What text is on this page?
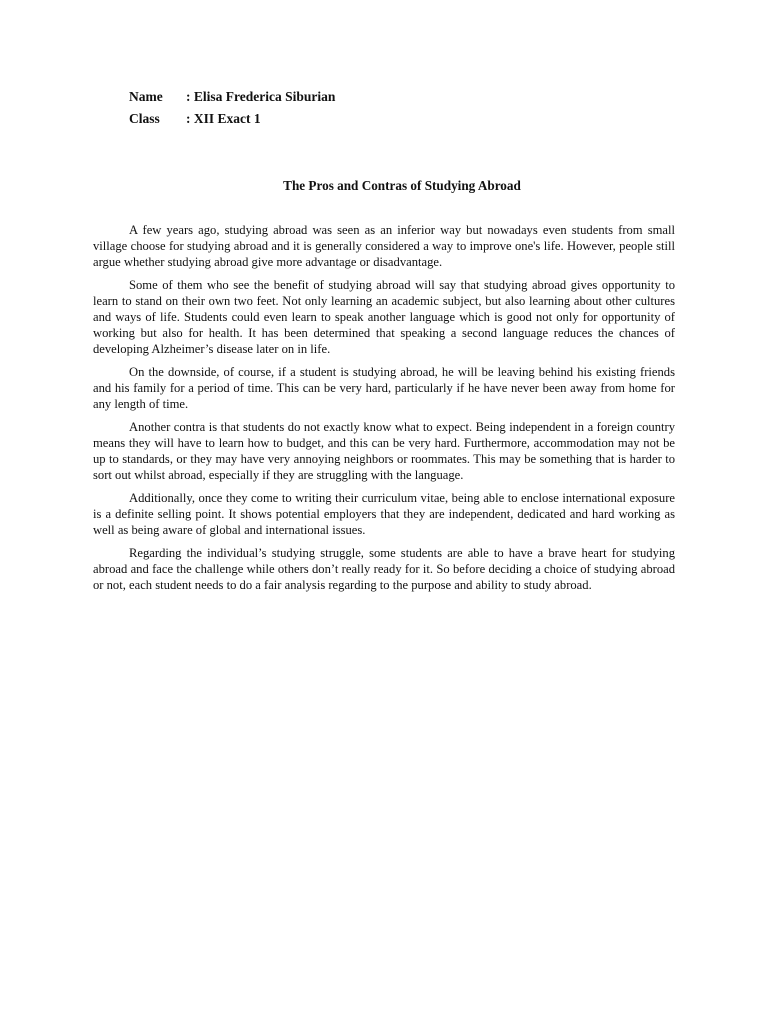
Name	: Elisa Frederica Siburian
Class	: XII Exact 1
The Pros and Contras of Studying Abroad

A few years ago, studying abroad was seen as an inferior way but nowadays even students from small village choose for studying abroad and it is generally considered a way to improve one's life. However, people still argue whether studying abroad give more advantage or disadvantage.

Some of them who see the benefit of studying abroad will say that studying abroad gives opportunity to learn to stand on their own two feet. Not only learning an academic subject, but also learning about other cultures and ways of life. Students could even learn to speak another language which is good not only for opportunity of working but also for health. It has been determined that speaking a second language reduces the chances of developing Alzheimer’s disease later on in life.

On the downside, of course, if a student is studying abroad, he will be leaving behind his existing friends and his family for a period of time. This can be very hard, particularly if he have never been away from home for any length of time.

Another contra is that students do not exactly know what to expect. Being independent in a foreign country means they will have to learn how to budget, and this can be very hard. Furthermore, accommodation may not be up to standards, or they may have very annoying neighbors or roommates. This may be something that is harder to sort out whilst abroad, especially if they are struggling with the language.

Additionally, once they come to writing their curriculum vitae, being able to enclose international exposure is a definite selling point. It shows potential employers that they are independent, dedicated and hard working as well as being aware of global and international issues.

Regarding the individual’s studying struggle, some students are able to have a brave heart for studying abroad and face the challenge while others don’t really ready for it. So before deciding a choice of studying abroad or not, each student needs to do a fair analysis regarding to the purpose and ability to study abroad.
